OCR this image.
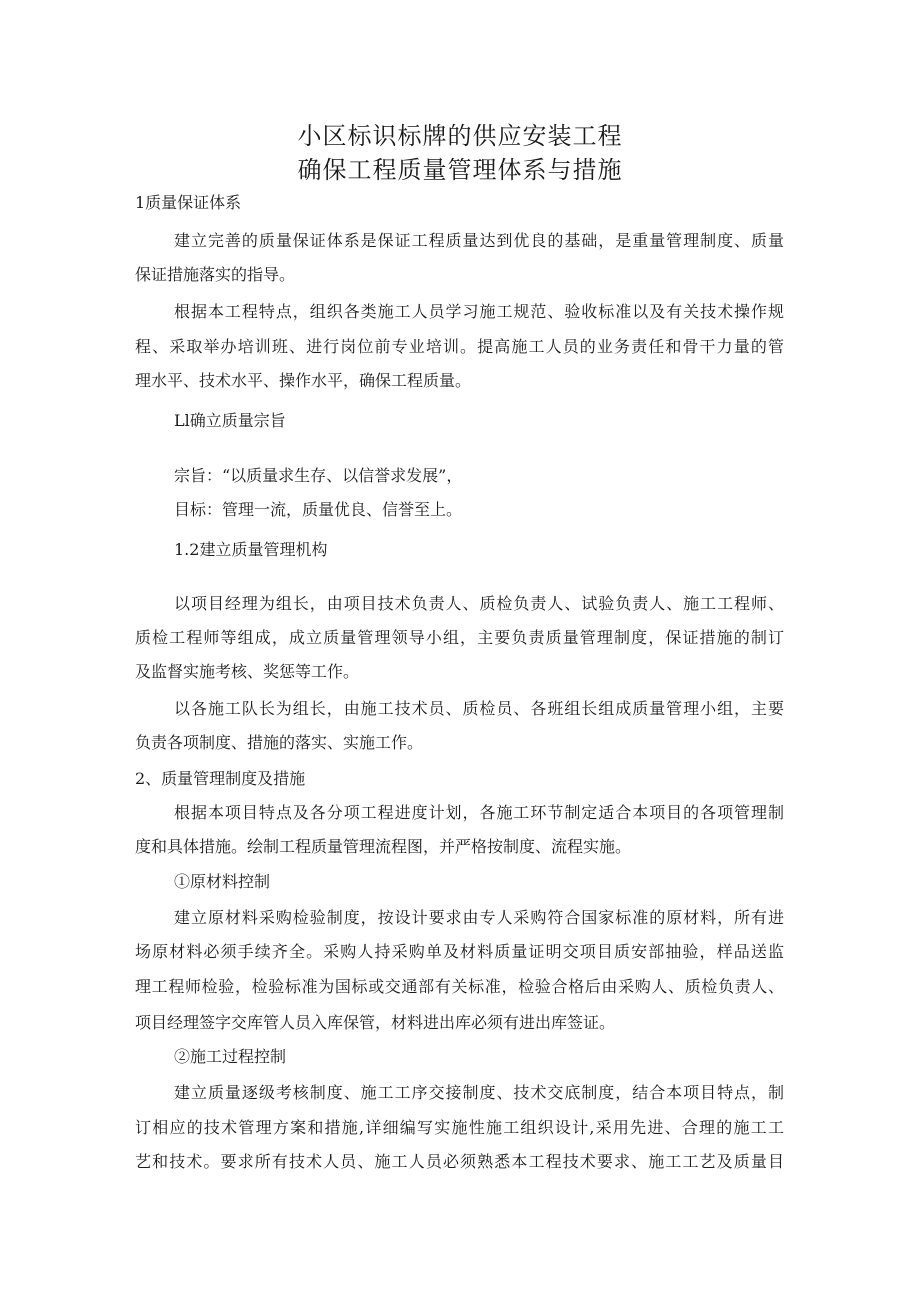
小区标识标牌的供应安装工程
确保工程质量管理体系与措施
1质量保证体系
建立完善的质量保证体系是保证工程质量达到优良的基础，是重量管理制度、质量
保证措施落实的指导。
根据本工程特点，组织各类施工人员学习施工规范、验收标准以及有关技术操作规
程、采取举办培训班、进行岗位前专业培训。提高施工人员的业务责任和骨干力量的管
理水平、技术水平、操作水平，确保工程质量。
Ll确立质量宗旨
宗旨：“以质量求生存、以信誉求发展”，
目标：管理一流，质量优良、信誉至上。
1.2建立质量管理机构
以项目经理为组长，由项目技术负责人、质检负责人、试验负责人、施工工程师、
质检工程师等组成，成立质量管理领导小组，主要负责质量管理制度，保证措施的制订
及监督实施考核、奖惩等工作。
以各施工队长为组长，由施工技术员、质检员、各班组长组成质量管理小组，主要
负责各项制度、措施的落实、实施工作。
2、质量管理制度及措施
根据本项目特点及各分项工程进度计划，各施工环节制定适合本项目的各项管理制
度和具体措施。绘制工程质量管理流程图，并严格按制度、流程实施。
①原材料控制
建立原材料采购检验制度，按设计要求由专人采购符合国家标准的原材料，所有进
场原材料必须手续齐全。采购人持采购单及材料质量证明交项目质安部抽验，样品送监
理工程师检验，检验标准为国标或交通部有关标准，检验合格后由采购人、质检负责人、
项目经理签字交库管人员入库保管，材料进出库必须有进出库签证。
②施工过程控制
建立质量逐级考核制度、施工工序交接制度、技术交底制度，结合本项目特点，制
订相应的技术管理方案和措施,详细编写实施性施工组织设计,采用先进、合理的施工工
艺和技术。要求所有技术人员、施工人员必须熟悉本工程技术要求、施工工艺及质量目
